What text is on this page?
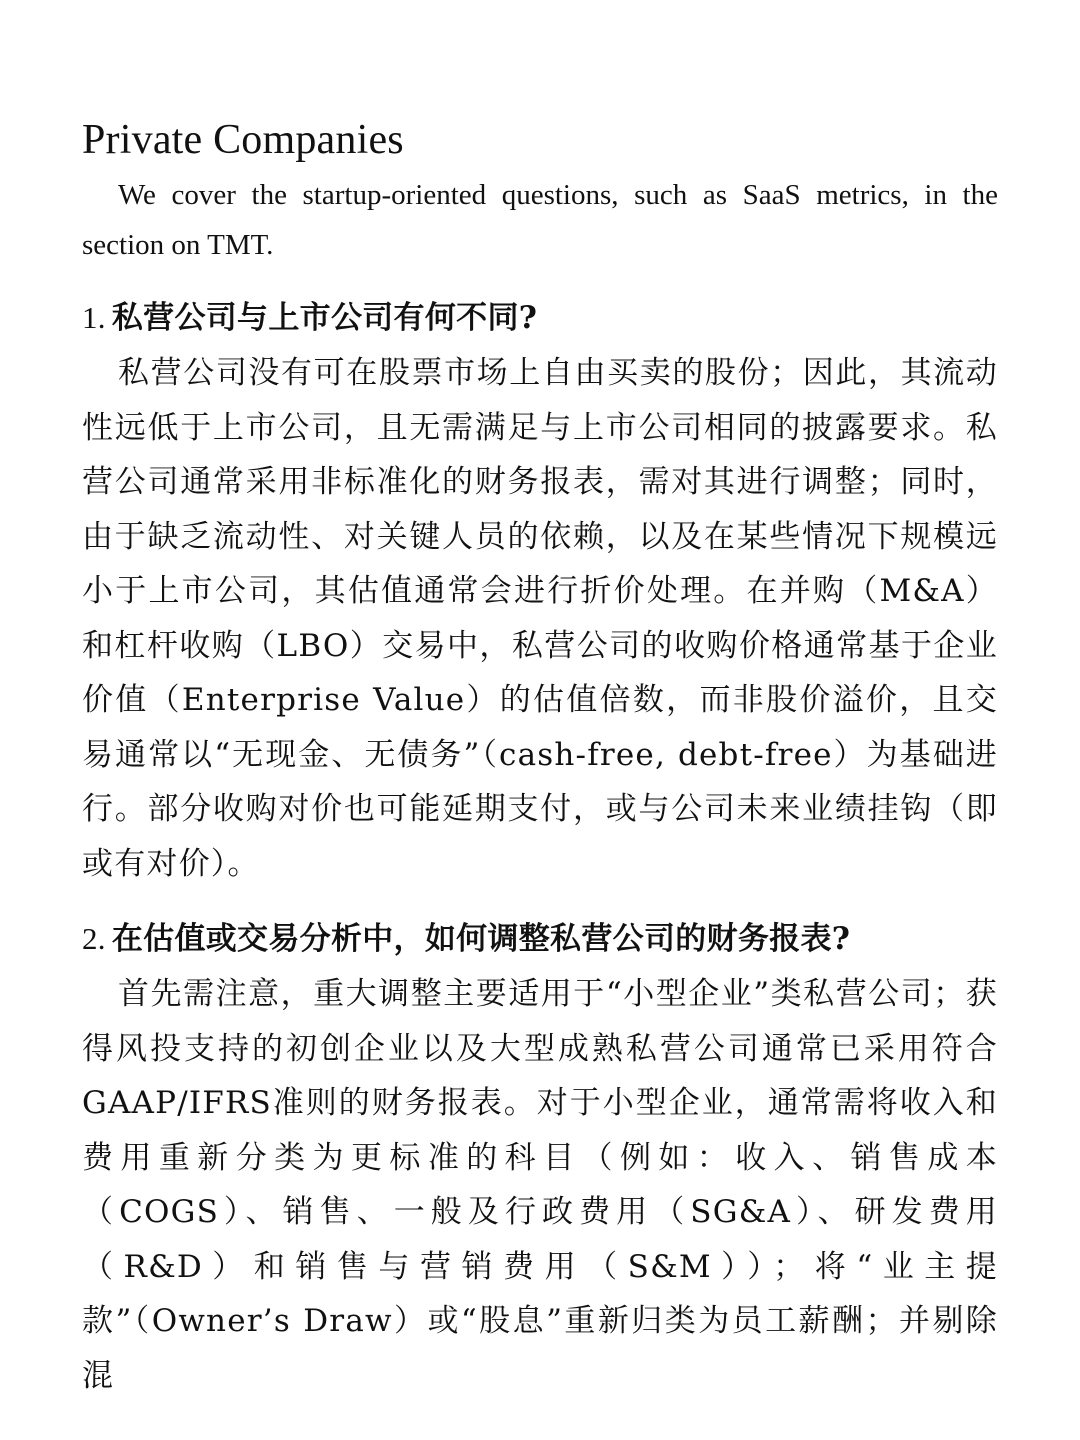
Private Companies

We cover the startup-oriented questions, such as SaaS metrics, in the section on TMT.

1. 私营公司与上市公司有何不同?

私营公司没有可在股票市场上自由买卖的股份；因此，其流动性远低于上市公司，且无需满足与上市公司相同的披露要求。私营公司通常采用非标准化的财务报表，需对其进行调整；同时，由于缺乏流动性、对关键人员的依赖，以及在某些情况下规模远小于上市公司，其估值通常会进行折价处理。在并购（M&A）和杠杆收购（LBO）交易中，私营公司的收购价格通常基于企业价值（Enterprise Value）的估值倍数，而非股价溢价，且交易通常以“无现金、无债务”（cash-free, debt-free）为基础进行。部分收购对价也可能延期支付，或与公司未来业绩挂钩（即或有对价）。

2. 在估值或交易分析中，如何调整私营公司的财务报表?

首先需注意，重大调整主要适用于“小型企业”类私营公司；获得风投支持的初创企业以及大型成熟私营公司通常已采用符合GAAP/IFRS准则的财务报表。对于小型企业，通常需将收入和费用重新分类为更标准的科目（例如：收入、销售成本（COGS）、销售、一般及行政费用（SG&A）、研发费用（R&D）和销售与营销费用（S&M））；将“业主提款”（Owner’s Draw）或“股息”重新归类为员工薪酬；并剔除混
